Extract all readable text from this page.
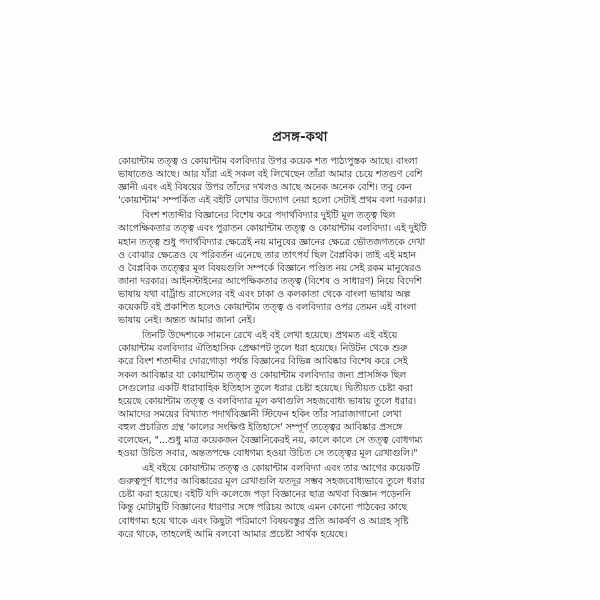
প্রসঙ্গ-কথা
কোয়ান্টাম তত্ত্ব ও কোয়ান্টাম বলবিদ্যার উপর কয়েক শত পাঠ্যপুস্তক আছে। বাংলা
ভাষাতেও আছে। আর যাঁরা এই সকল বই লিখেছেন তাঁরা আমার চেয়ে শতগুণ বেশি
জ্ঞানী এবং এই বিষয়ের উপর তাঁদের দখলও আছে অনেক অনেক বেশি। তবু কেন
'কোয়ান্টাম' সম্পর্কিত এই বইটি লেখার উদ্যোগ নেয়া হলো সেটাই প্রথম বলা দরকার।
বিংশ শতাব্দীর বিজ্ঞানের বিশেষ করে পদার্থবিদ্যার দুইটি মূল তত্ত্ব ছিল
আপেক্ষিকতার তত্ত্ব এবং পুরাতন কোয়ান্টাম তত্ত্ব ও কোয়ান্টাম বলবিদ্যা। এই দুইটি
মহান তত্ত্ব শুধু পদার্থবিদ্যার ক্ষেত্রেই নয় মানুষের জ্ঞানের ক্ষেত্রে ভৌতজগতকে দেখা
ও বোঝার ক্ষেত্রেও যে পরিবর্তন এনেছে তার তাৎপর্য ছিল বৈপ্লবিক। তাই এই মহান
ও বৈপ্লবিক তত্ত্বের মূল বিষয়গুলি সম্পর্কে বিজ্ঞানে পণ্ডিত নয় সেই রকম মানুষেরও
জানা দরকার। আইনস্টাইনের আপেক্ষিকতার তত্ত্ব (বিশেষ ও সাধারণ) নিয়ে বিদেশি
ভাষায় যথা বার্ট্রান্ড রাসেলের বই এবং ঢাকা ও কলকাতা থেকে বাংলা ভাষায় অল্প
কয়েকটি বই প্রকাশিত হলেও কোয়ান্টাম তত্ত্ব ও বলবিদ্যার ওপর তেমন এই বাংলা
ভাষায় নেই। অন্তত আমার জানা নেই।
তিনটি উদ্দেশ্যকে সামনে রেখে এই বই লেখা হয়েছে। প্রথমত এই বইয়ে
কোয়ান্টাম বলবিদ্যার ঐতিহাসিক প্রেক্ষাপট তুলে ধরা হয়েছে। নিউটন থেকে শুরু
করে বিংশ শতাব্দীর দোরগোড়া পর্যন্ত বিজ্ঞানের বিভিন্ন আবিষ্কার বিশেষ করে সেই
সকল আবিষ্কার যা কোয়ান্টাম তত্ত্ব ও কোয়ান্টাম বলবিদ্যার জন্য প্রাসঙ্গিক ছিল
সেগুলোর একটি ধারাবাহিক ইতিহাস তুলে ধরার চেষ্টা হয়েছে। দ্বিতীয়ত চেষ্টা করা
হয়েছে কোয়ান্টাম তত্ত্ব ও বলবিদ্যার মূল কথাগুলি সহজবোধ্য ভাষায় তুলে ধরার।
আমাদের সময়ের বিখ্যাত পদার্থবিজ্ঞানী স্টিফেন হকিং তাঁর সারাজাগানো লেখা
বহুল প্রচারিত গ্রন্থ 'কালের সংক্ষিপ্ত ইতিহাসে' সম্পূর্ণ তত্ত্বের আবিষ্কার প্রসঙ্গে
বলেছেন, "...শুধু মাত্র কয়েকজন বৈজ্ঞানিকেরই নয়, কালে কালে সে তত্ত্ব বোধগম্য
হওয়া উচিত সবার, অন্ততপক্ষে বোধগম্য হওয়া উচিত সে তত্ত্বের মূল রেখাগুলি।"
এই বইয়ে কোয়ান্টাম তত্ত্ব ও কোয়ান্টাম বলবিদ্যা এবং তার আগের কয়েকটি
গুরুত্বপূর্ণ ধাপের আবিষ্কারের মূল রেখাগুলি যতদূর সম্ভব সহজবোধ্যভাবে তুলে ধরার
চেষ্টা করা হয়েছে। বইটি যদি কলেজে পড়া বিজ্ঞানের ছাত্র অথবা বিজ্ঞান পড়েননি
কিন্তু মোটামুটি বিজ্ঞানের ধারণার সঙ্গে পরিচয় আছে এমন কোনো পাঠকের কাছে
বোধগম্য হয়ে থাকে এবং কিছুটা পরিমাণে বিষয়বস্তুর প্রতি আকর্ষণ ও আগ্রহ সৃষ্টি
করে থাকে, তাহলেই আমি বলবো আমার প্রচেষ্টা সার্থক হয়েছে।
